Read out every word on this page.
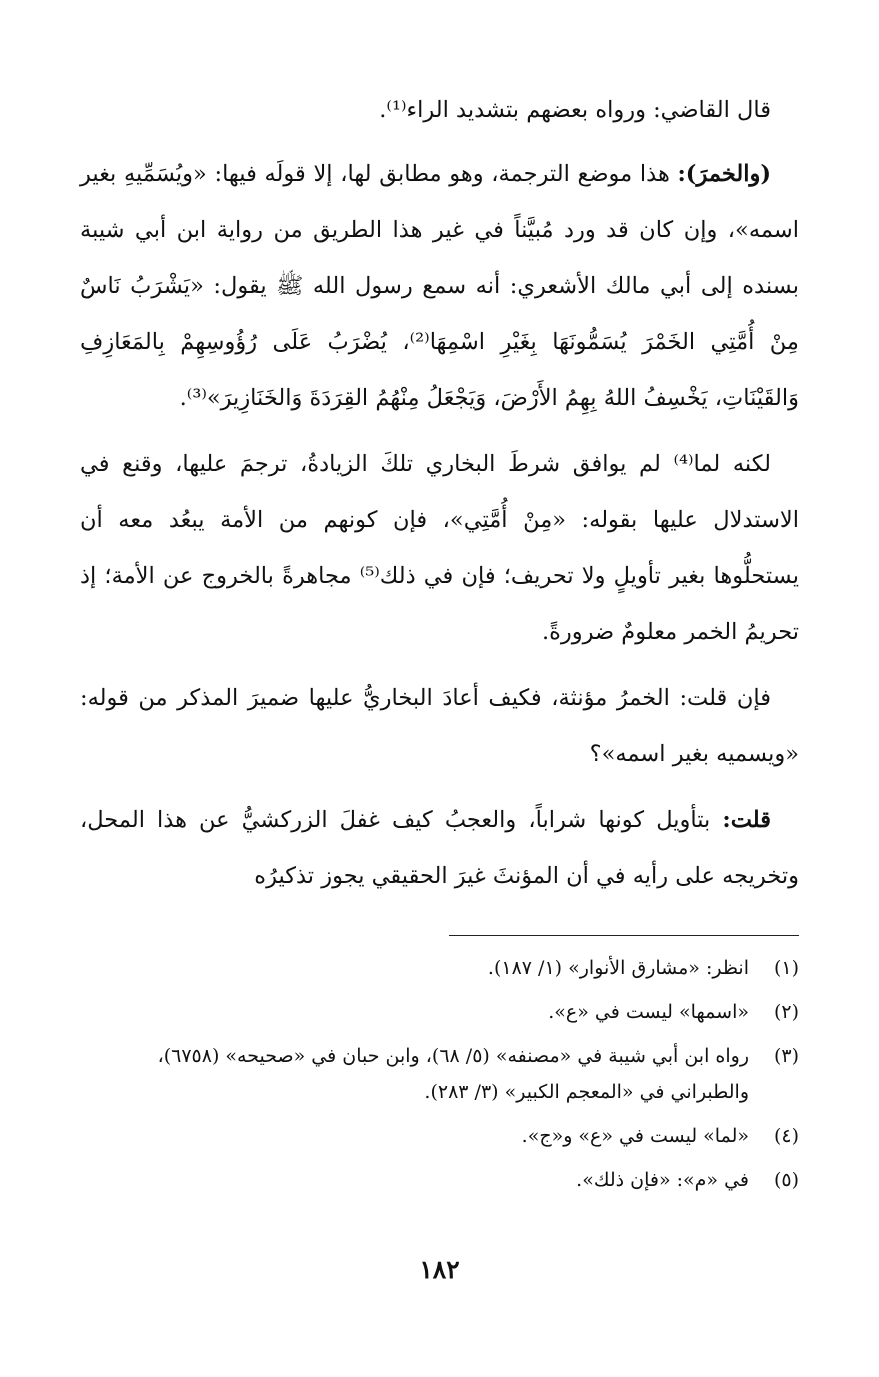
قال القاضي: ورواه بعضهم بتشديد الراء⁽¹⁾.

(والخمرَ): هذا موضع الترجمة، وهو مطابق لها، إلا قولَه فيها: «ويُسَمِّيهِ بغير اسمه»، وإن كان قد ورد مُبيَّناً في غير هذا الطريق من رواية ابن أبي شيبة بسنده إلى أبي مالك الأشعري: أنه سمع رسول الله ﷺ يقول: «يَشْرَبُ نَاسٌ مِنْ أُمَّتِي الخَمْرَ يُسَمُّونَهَا بِغَيْرِ اسْمِهَا⁽²⁾، يُضْرَبُ عَلَى رُؤُوسِهِمْ بِالمَعَازِفِ وَالقَيْنَاتِ، يَخْسِفُ اللهُ بِهِمُ الأَرْضَ، وَيَجْعَلُ مِنْهُمُ القِرَدَةَ وَالخَنَازِيرَ»⁽³⁾.

لكنه لما⁽⁴⁾ لم يوافق شرطَ البخاري تلكَ الزيادةُ، ترجمَ عليها، وقنع في الاستدلال عليها بقوله: «مِنْ أُمَّتِي»، فإن كونهم من الأمة يبعُد معه أن يستحلُّوها بغير تأويلٍ ولا تحريف؛ فإن في ذلك⁽⁵⁾ مجاهرةً بالخروج عن الأمة؛ إذ تحريمُ الخمر معلومٌ ضرورةً.

فإن قلت: الخمرُ مؤنثة، فكيف أعادَ البخاريُّ عليها ضميرَ المذكر من قوله: «ويسميه بغير اسمه»؟

قلت: بتأويل كونها شراباً، والعجبُ كيف غفلَ الزركشيُّ عن هذا المحل، وتخريجه على رأيه في أن المؤنثَ غيرَ الحقيقي يجوز تذكيرُه

(١)
انظر: «مشارق الأنوار» (١/ ١٨٧).
(٢)
«اسمها» ليست في «ع».
(٣)
رواه ابن أبي شيبة في «مصنفه» (٥/ ٦٨)، وابن حبان في «صحيحه» (٦٧٥٨)، والطبراني في «المعجم الكبير» (٣/ ٢٨٣).
(٤)
«لما» ليست في «ع» و«ج».
(٥)
في «م»: «فإن ذلك».
١٨٢
